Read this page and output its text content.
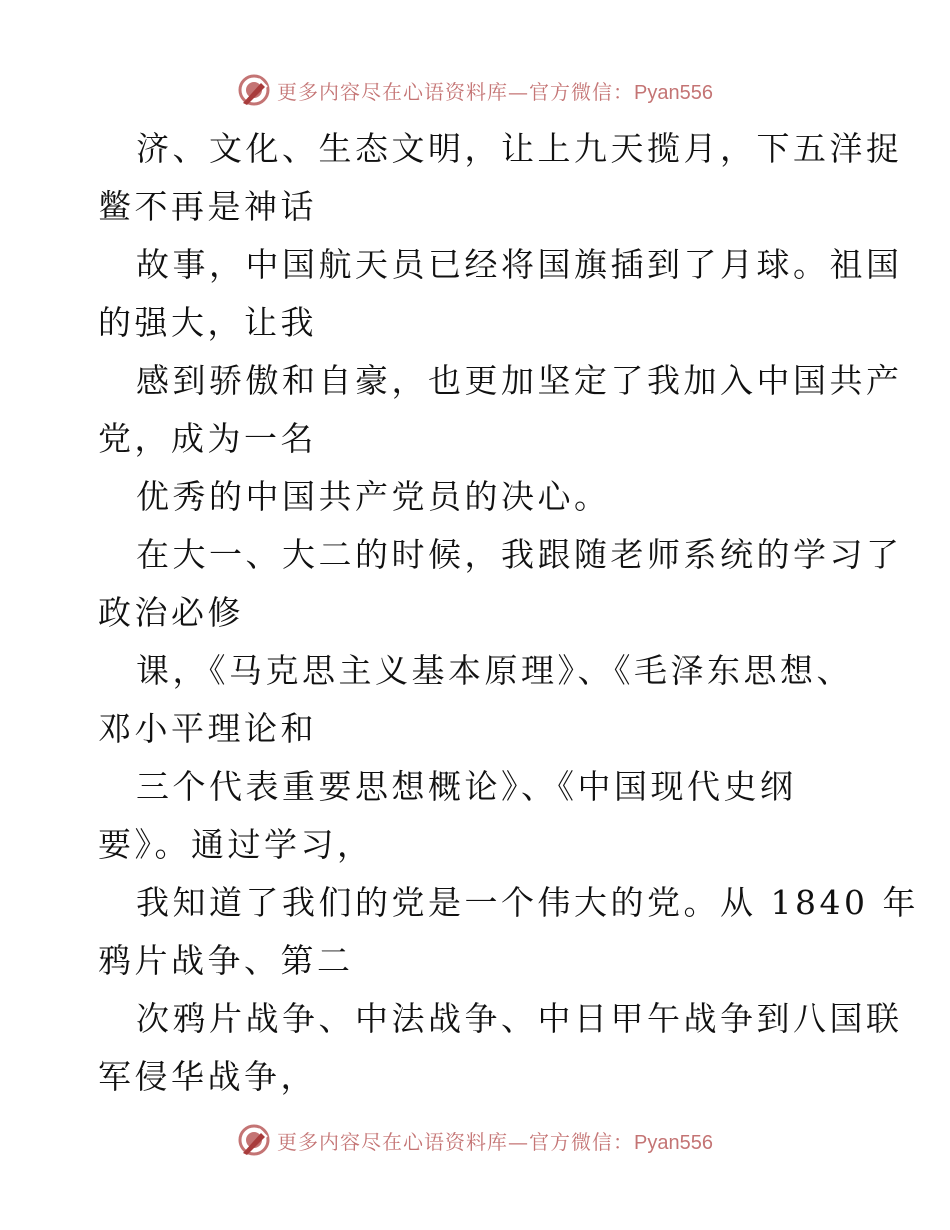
更多内容尽在心语资料库—官方微信：Pyan556
济、文化、生态文明，让上九天揽月，下五洋捉
鳖不再是神话
故事，中国航天员已经将国旗插到了月球。祖国
的强大，让我
感到骄傲和自豪，也更加坚定了我加入中国共产
党，成为一名
优秀的中国共产党员的决心。
在大一、大二的时候，我跟随老师系统的学习了
政治必修
课，《马克思主义基本原理》、《毛泽东思想、
邓小平理论和
三个代表重要思想概论》、《中国现代史纲
要》。通过学习，
我知道了我们的党是一个伟大的党。从 1840 年
鸦片战争、第二
次鸦片战争、中法战争、中日甲午战争到八国联
军侵华战争，
更多内容尽在心语资料库—官方微信：Pyan556
